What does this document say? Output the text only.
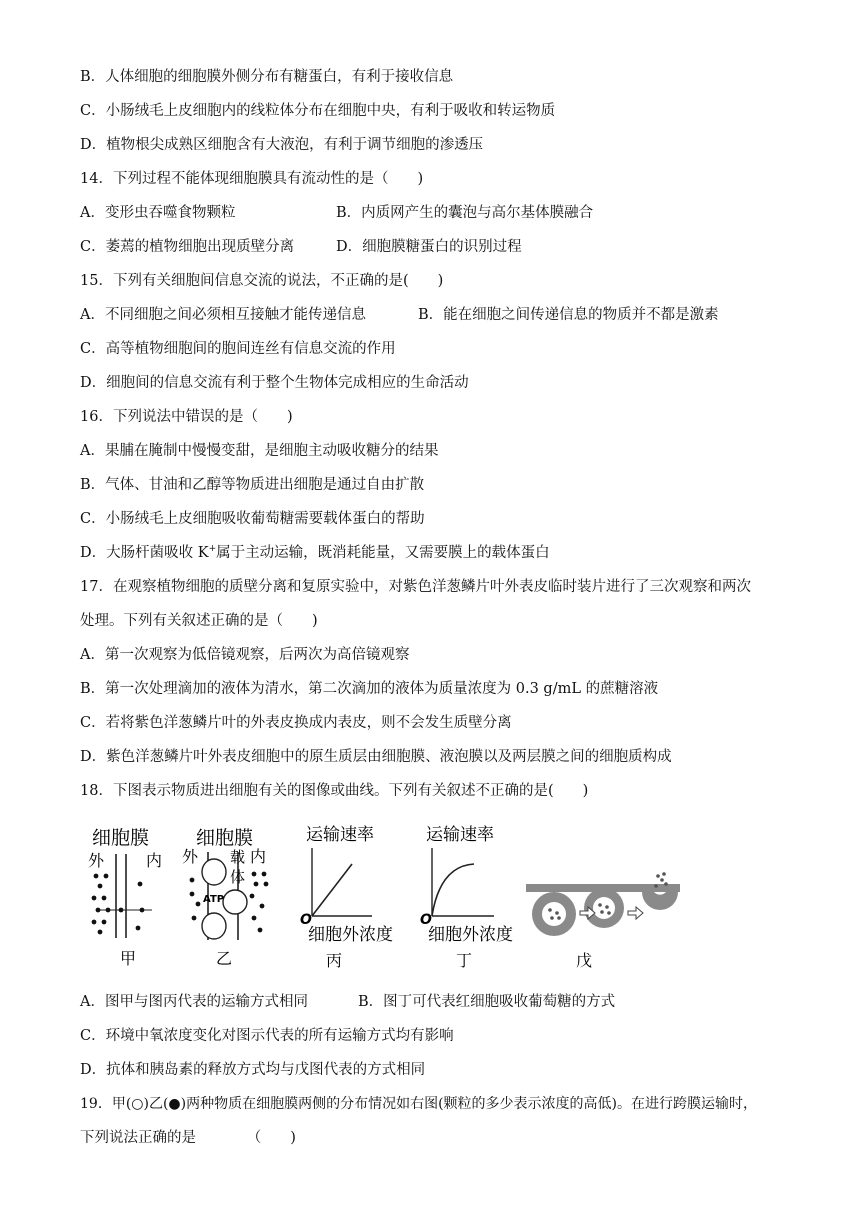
B．人体细胞的细胞膜外侧分布有糖蛋白，有利于接收信息
C．小肠绒毛上皮细胞内的线粒体分布在细胞中央，有利于吸收和转运物质
D．植物根尖成熟区细胞含有大液泡，有利于调节细胞的渗透压
14．下列过程不能体现细胞膜具有流动性的是（　　)
A．变形虫吞噬食物颗粒	B．内质网产生的囊泡与高尔基体膜融合
C．萎蔫的植物细胞出现质壁分离	D．细胞膜糖蛋白的识别过程
15．下列有关细胞间信息交流的说法，不正确的是(　　)
A．不同细胞之间必须相互接触才能传递信息	B．能在细胞之间传递信息的物质并不都是激素
C．高等植物细胞间的胞间连丝有信息交流的作用
D．细胞间的信息交流有利于整个生物体完成相应的生命活动
16．下列说法中错误的是（　　)
A．果脯在腌制中慢慢变甜，是细胞主动吸收糖分的结果
B．气体、甘油和乙醇等物质进出细胞是通过自由扩散
C．小肠绒毛上皮细胞吸收葡萄糖需要载体蛋白的帮助
D．大肠杆菌吸收 K+属于主动运输，既消耗能量，又需要膜上的载体蛋白
17．在观察植物细胞的质壁分离和复原实验中，对紫色洋葱鳞片叶外表皮临时装片进行了三次观察和两次
处理。下列有关叙述正确的是（　　)
A．第一次观察为低倍镜观察，后两次为高倍镜观察
B．第一次处理滴加的液体为清水，第二次滴加的液体为质量浓度为 0.3 g/mL 的蔗糖溶液
C．若将紫色洋葱鳞片叶的外表皮换成内表皮，则不会发生质壁分离
D．紫色洋葱鳞片叶外表皮细胞中的原生质层由细胞膜、液泡膜以及两层膜之间的细胞质构成
18．下图表示物质进出细胞有关的图像或曲线。下列有关叙述不正确的是(　　)
细胞膜
外	内
甲
细胞膜
外	内
载
体
ATP
乙
运输速率
O
细胞外浓度
丙
运输速率
O
细胞外浓度
丁	戊
A．图甲与图丙代表的运输方式相同	B．图丁可代表红细胞吸收葡萄糖的方式
C．环境中氧浓度变化对图示代表的所有运输方式均有影响
D．抗体和胰岛素的释放方式均与戊图代表的方式相同
19．甲(○)乙(●)两种物质在细胞膜两侧的分布情况如右图(颗粒的多少表示浓度的高低)。在进行跨膜运输时，
下列说法正确的是　　　　（　　)
